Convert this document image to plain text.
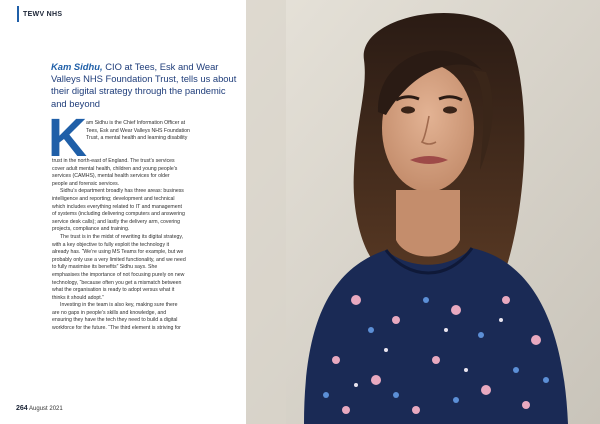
TEWV NHS
Kam Sidhu, CIO at Tees, Esk and Wear Valleys NHS Foundation Trust, tells us about their digital strategy through the pandemic and beyond
K am Sidhu is the Chief Information Officer at Tees, Esk and Wear Valleys NHS Foundation Trust, a mental health and learning disability

trust in the north-east of England. The trust’s services cover adult mental health, children and young people’s services (CAMHS), mental health services for older people and forensic services.

Sidhu’s department broadly has three areas: business intelligence and reporting; development and technical which includes everything related to IT and management of systems (including delivering computers and answering service desk calls); and lastly the delivery arm, covering projects, compliance and training.

The trust is in the midst of rewriting its digital strategy, with a key objective to fully exploit the technology it already has. “We’re using MS Teams for example, but we probably only use a very limited functionality, and we need to fully maximise its benefits” Sidhu says. She emphasises the importance of not focusing purely on new technology, “because often you get a mismatch between what the organisation is ready to adopt versus what it thinks it should adopt.”

Investing in the team is also key, making sure there are no gaps in people’s skills and knowledge, and ensuring they have the tech they need to build a digital workforce for the future. “The third element is striving for

264 August 2021
